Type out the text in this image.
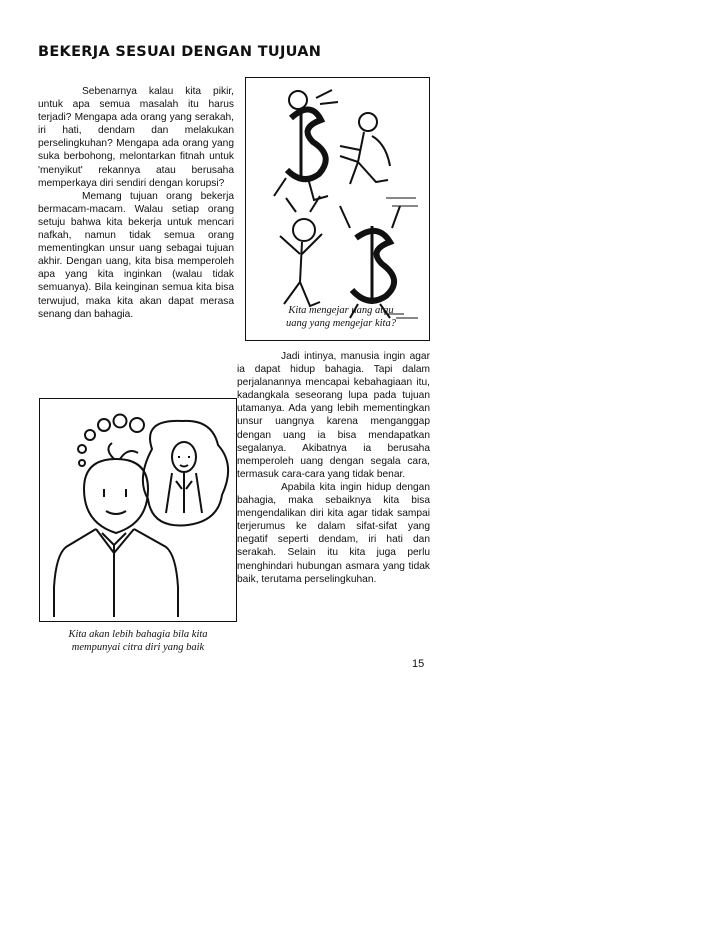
BEKERJA SESUAI DENGAN TUJUAN

Sebenarnya kalau kita pikir, untuk apa semua masalah itu harus terjadi? Mengapa ada orang yang serakah, iri hati, dendam dan melakukan perselingkuhan? Mengapa ada orang yang suka berbohong, melontarkan fitnah untuk 'menyikut' rekannya atau berusaha memperkaya diri sendiri dengan korupsi?

Memang tujuan orang bekerja bermacam-macam. Walau setiap orang setuju bahwa kita bekerja untuk mencari nafkah, namun tidak semua orang mementingkan unsur uang sebagai tujuan akhir. Dengan uang, kita bisa memperoleh apa yang kita inginkan (walau tidak semuanya). Bila keinginan semua kita bisa terwujud, maka kita akan dapat merasa senang dan bahagia.	Kita mengejar uang atau
uang yang mengejar kita?
Kita akan lebih bahagia bila kita
mempunyai citra diri yang baik

Jadi intinya, manusia ingin agar ia dapat hidup bahagia. Tapi dalam perjalanannya mencapai kebahagiaan itu, kadangkala seseorang lupa pada tujuan utamanya. Ada yang lebih mementingkan unsur uangnya karena menganggap dengan uang ia bisa mendapatkan segalanya. Akibatnya ia berusaha memperoleh uang dengan segala cara, termasuk cara-cara yang tidak benar.

Apabila kita ingin hidup dengan bahagia, maka sebaiknya kita bisa mengendalikan diri kita agar tidak sampai terjerumus ke dalam sifat-sifat yang negatif seperti dendam, iri hati dan serakah. Selain itu kita juga perlu menghindari hubungan asmara yang tidak baik, terutama perselingkuhan.

15
